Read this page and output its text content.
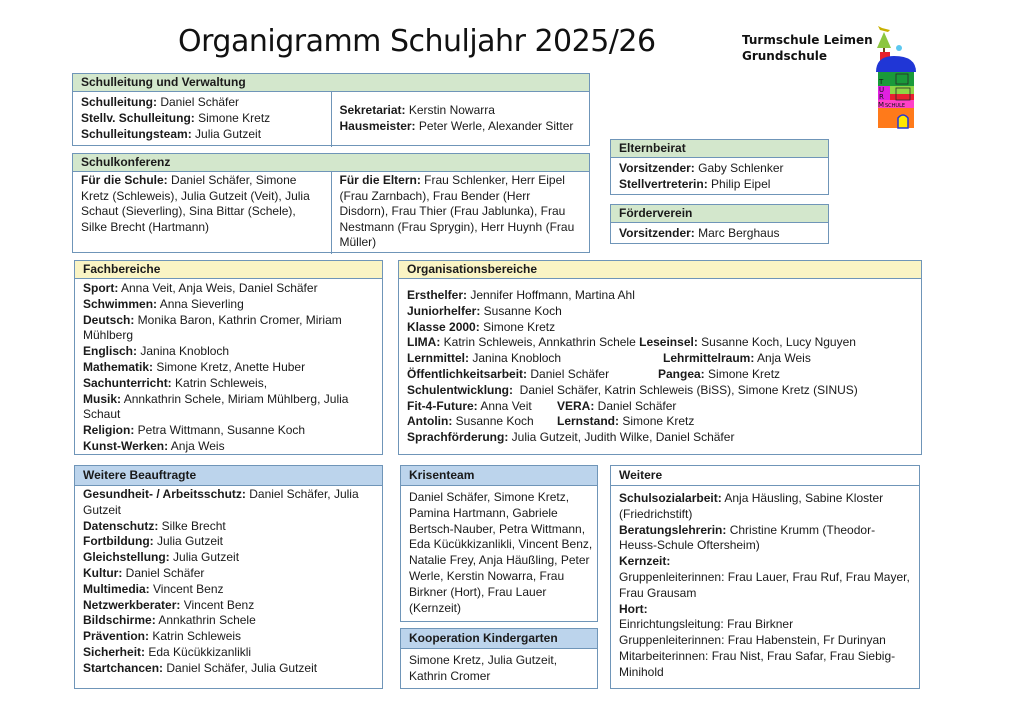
Organigramm Schuljahr 2025/26	Turmschule Leimen
Grundschule
T
U
R
M SCHULE
Schulleitung und Verwaltung
Schulleitung: Daniel Schäfer
Stellv. Schulleitung: Simone Kretz
Schulleitungsteam: Julia Gutzeit
Sekretariat: Kerstin Nowarra
Hausmeister: Peter Werle, Alexander Sitter
Schulkonferenz
Für die Schule: Daniel Schäfer, Simone Kretz (Schleweis), Julia Gutzeit (Veit), Julia Schaut (Sieverling), Sina Bittar (Schele), Silke Brecht (Hartmann)
Für die Eltern: Frau Schlenker, Herr Eipel (Frau Zarnbach), Frau Bender (Herr Disdorn), Frau Thier (Frau Jablunka), Frau Nestmann (Frau Sprygin), Herr Huynh (Frau Müller)
Elternbeirat
Vorsitzender: Gaby Schlenker
Stellvertreterin: Philip Eipel
Förderverein
Vorsitzender: Marc Berghaus
Fachbereiche
Sport: Anna Veit, Anja Weis, Daniel Schäfer
Schwimmen: Anna Sieverling
Deutsch: Monika Baron, Kathrin Cromer, Miriam Mühlberg
Englisch: Janina Knobloch
Mathematik: Simone Kretz, Anette Huber
Sachunterricht: Katrin Schleweis,
Musik: Annkathrin Schele, Miriam Mühlberg, Julia Schaut
Religion: Petra Wittmann, Susanne Koch
Kunst-Werken: Anja Weis
Organisationsbereiche
Ersthelfer: Jennifer Hoffmann, Martina Ahl
Juniorhelfer: Susanne Koch
Klasse 2000: Simone Kretz
LIMA: Katrin Schleweis, Annkathrin Schele Leseinsel: Susanne Koch, Lucy Nguyen
Lernmittel: Janina Knobloch	Lehrmittelraum: Anja Weis
Öffentlichkeitsarbeit: Daniel Schäfer	Pangea: Simone Kretz
Schulentwicklung:  Daniel Schäfer, Katrin Schleweis (BiSS), Simone Kretz (SINUS)
Fit-4-Future: Anna Veit VERA: Daniel Schäfer
Antolin: Susanne Koch Lernstand: Simone Kretz
Sprachförderung: Julia Gutzeit, Judith Wilke, Daniel Schäfer
Weitere Beauftragte
Gesundheit- / Arbeitsschutz: Daniel Schäfer, Julia Gutzeit
Datenschutz: Silke Brecht
Fortbildung: Julia Gutzeit
Gleichstellung: Julia Gutzeit
Kultur: Daniel Schäfer
Multimedia: Vincent Benz
Netzwerkberater: Vincent Benz
Bildschirme: Annkathrin Schele
Prävention: Katrin Schleweis
Sicherheit: Eda Kücükkizanlikli
Startchancen: Daniel Schäfer, Julia Gutzeit
Krisenteam
Daniel Schäfer, Simone Kretz, Pamina Hartmann, Gabriele Bertsch-Nauber, Petra Wittmann, Eda Kücükkizanlikli, Vincent Benz, Natalie Frey, Anja Häußling, Peter Werle, Kerstin Nowarra, Frau Birkner (Hort), Frau Lauer (Kernzeit)
Kooperation Kindergarten
Simone Kretz, Julia Gutzeit, Kathrin Cromer
Weitere
Schulsozialarbeit: Anja Häusling, Sabine Kloster (Friedrichstift)
Beratungslehrerin: Christine Krumm (Theodor-Heuss-Schule Oftersheim)
Kernzeit:
Gruppenleiterinnen: Frau Lauer, Frau Ruf, Frau Mayer, Frau Grausam
Hort:
Einrichtungsleitung: Frau Birkner
Gruppenleiterinnen: Frau Habenstein, Fr Durinyan
Mitarbeiterinnen: Frau Nist, Frau Safar, Frau Siebig-Minihold
